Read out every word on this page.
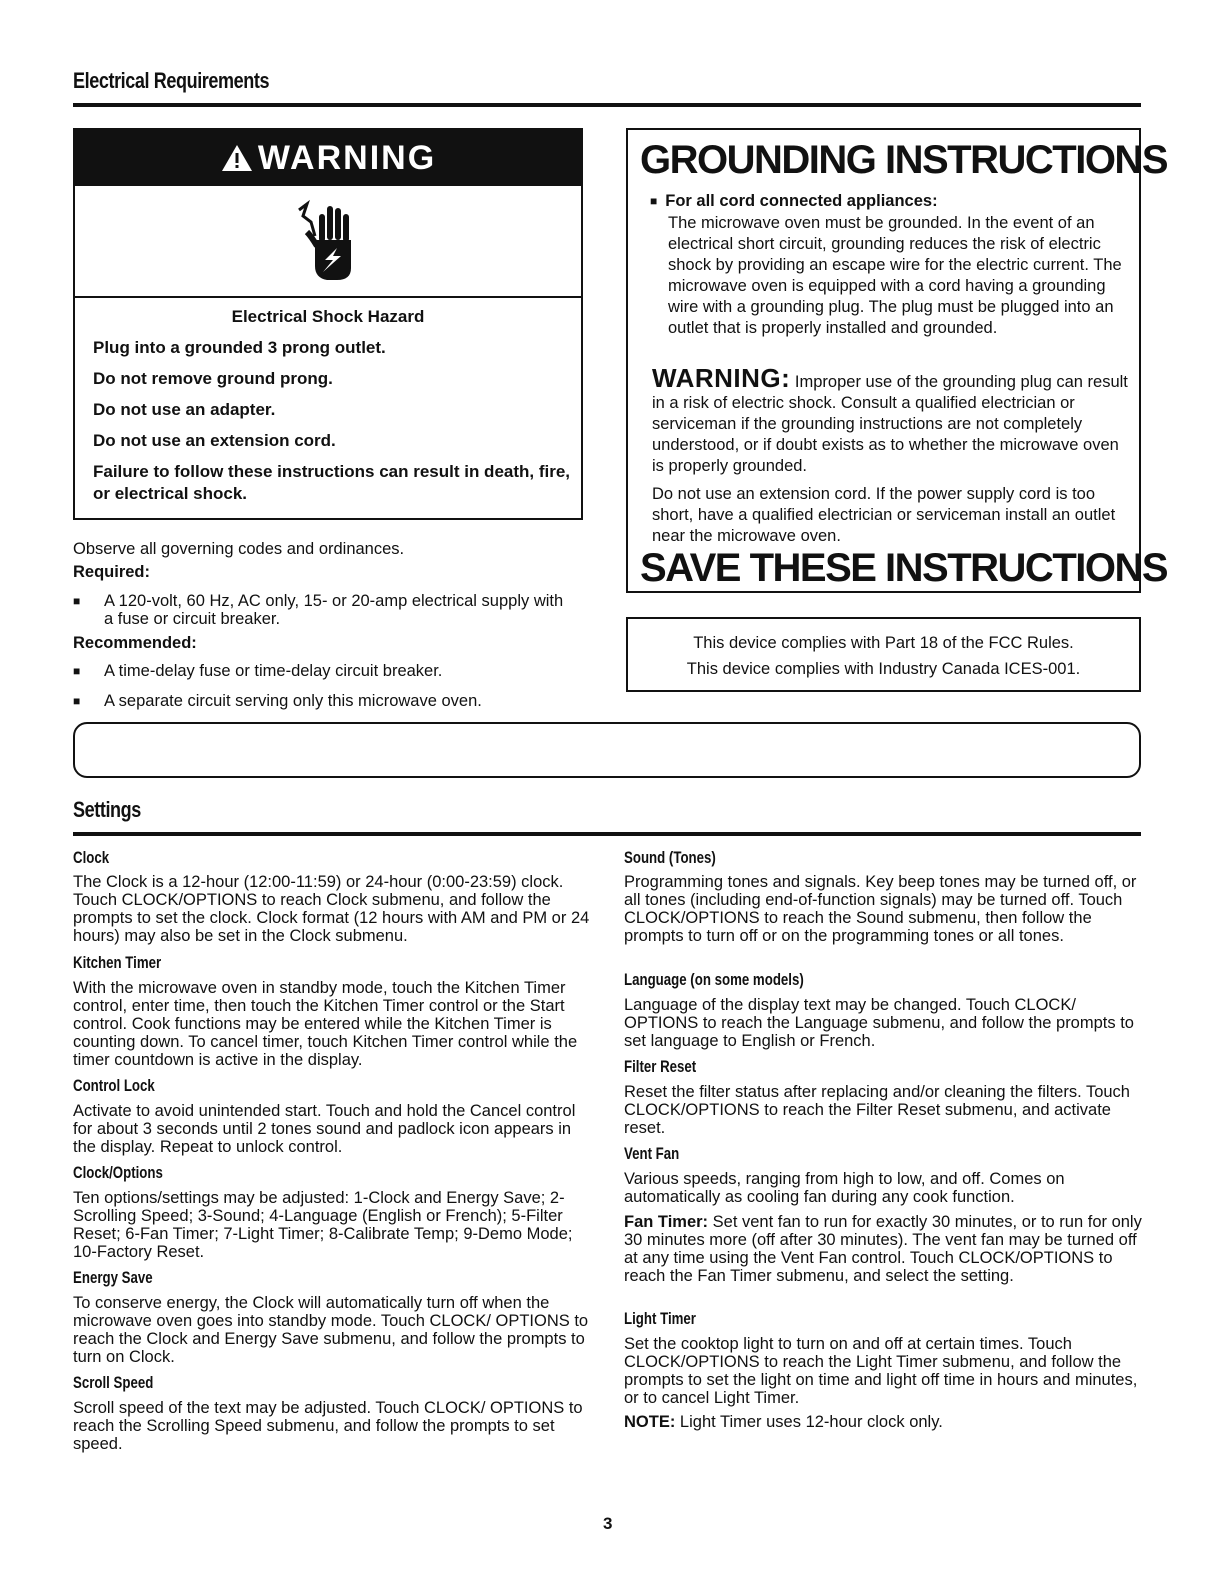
Electrical Requirements
WARNING
Electrical Shock Hazard

Plug into a grounded 3 prong outlet.

Do not remove ground prong.

Do not use an adapter.

Do not use an extension cord.

Failure to follow these instructions can result in death, fire, or electrical shock.

Observe all governing codes and ordinances.
Required:
■ A 120-volt, 60 Hz, AC only, 15- or 20-amp electrical supply with a fuse or circuit breaker.
Recommended:
■ A time-delay fuse or time-delay circuit breaker.
■ A separate circuit serving only this microwave oven.
GROUNDING INSTRUCTIONS
■ For all cord connected appliances:
The microwave oven must be grounded. In the event of an electrical short circuit, grounding reduces the risk of electric shock by providing an escape wire for the electric current. The microwave oven is equipped with a cord having a grounding wire with a grounding plug. The plug must be plugged into an outlet that is properly installed and grounded.
WARNING: Improper use of the grounding plug can result in a risk of electric shock. Consult a qualified electrician or serviceman if the grounding instructions are not completely understood, or if doubt exists as to whether the microwave oven is properly grounded.
Do not use an extension cord. If the power supply cord is too short, have a qualified electrician or serviceman install an outlet near the microwave oven.
SAVE THESE INSTRUCTIONS
This device complies with Part 18 of the FCC Rules.
This device complies with Industry Canada ICES-001.
Settings
Clock
The Clock is a 12-hour (12:00-11:59) or 24-hour (0:00-23:59) clock. Touch CLOCK/OPTIONS to reach Clock submenu, and follow the prompts to set the clock. Clock format (12 hours with AM and PM or 24 hours) may also be set in the Clock submenu.
Kitchen Timer
With the microwave oven in standby mode, touch the Kitchen Timer control, enter time, then touch the Kitchen Timer control or the Start control. Cook functions may be entered while the Kitchen Timer is counting down. To cancel timer, touch Kitchen Timer control while the timer countdown is active in the display.
Control Lock
Activate to avoid unintended start. Touch and hold the Cancel control for about 3 seconds until 2 tones sound and padlock icon appears in the display. Repeat to unlock control.
Clock/Options
Ten options/settings may be adjusted: 1-Clock and Energy Save; 2-Scrolling Speed; 3-Sound; 4-Language (English or French); 5-Filter Reset; 6-Fan Timer; 7-Light Timer; 8-Calibrate Temp; 9-Demo Mode; 10-Factory Reset.
Energy Save
To conserve energy, the Clock will automatically turn off when the microwave oven goes into standby mode. Touch CLOCK/ OPTIONS to reach the Clock and Energy Save submenu, and follow the prompts to turn on Clock.
Scroll Speed
Scroll speed of the text may be adjusted. Touch CLOCK/ OPTIONS to reach the Scrolling Speed submenu, and follow the prompts to set speed.
Sound (Tones)
Programming tones and signals. Key beep tones may be turned off, or all tones (including end-of-function signals) may be turned off. Touch CLOCK/OPTIONS to reach the Sound submenu, then follow the prompts to turn off or on the programming tones or all tones.
Language (on some models)
Language of the display text may be changed. Touch CLOCK/ OPTIONS to reach the Language submenu, and follow the prompts to set language to English or French.
Filter Reset
Reset the filter status after replacing and/or cleaning the filters. Touch CLOCK/OPTIONS to reach the Filter Reset submenu, and activate reset.
Vent Fan
Various speeds, ranging from high to low, and off. Comes on automatically as cooling fan during any cook function.
Fan Timer: Set vent fan to run for exactly 30 minutes, or to run for only 30 minutes more (off after 30 minutes). The vent fan may be turned off at any time using the Vent Fan control. Touch CLOCK/OPTIONS to reach the Fan Timer submenu, and select the setting.
Light Timer
Set the cooktop light to turn on and off at certain times. Touch CLOCK/OPTIONS to reach the Light Timer submenu, and follow the prompts to set the light on time and light off time in hours and minutes, or to cancel Light Timer.
NOTE: Light Timer uses 12-hour clock only.
3
